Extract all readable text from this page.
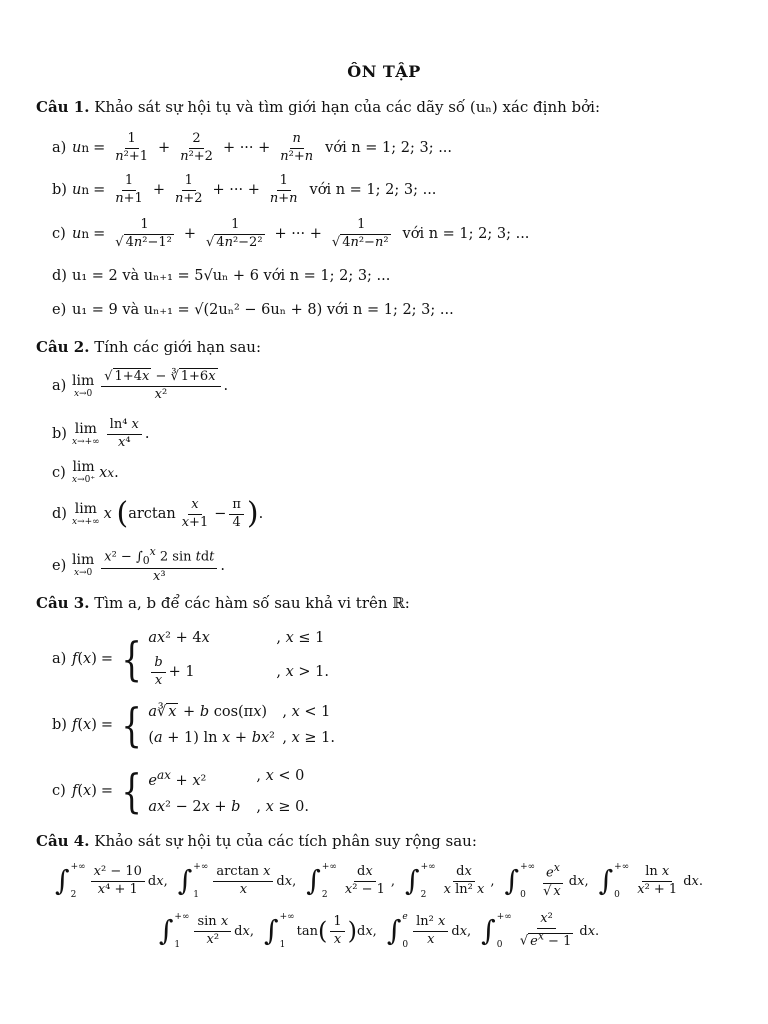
ÔN TẬP
Câu 1. Khảo sát sự hội tụ và tìm giới hạn của các dãy số (uₙ) xác định bởi:
a) u $n = \frac{1}{\text{n²+1}} + \frac{2}{\text{n²+2}}$ + ··· + $\frac{n}{\text{n²+n}}$ với n = 1; 2; 3; ...
b) u $n = \frac{1}{n+1} + \frac{1}{n+2}$ + ··· + $\frac{1}{n+n}$ với n = 1; 2; 3; ...
c) u $n = \frac{1}{\text{√ 4n²−1²}} + \frac{1}{\text{√ 4n²−2²}}$ + ··· + $\frac{1}{\text{√ 4n²−n²}}$ với n = 1; 2; 3; ...
d) u₁ = 2 và uₙ₊₁ = 5√uₙ + 6 với n = 1; 2; 3; ...
e) u₁ = 9 và uₙ₊₁ = √(2uₙ² − 6uₙ + 8) với n = 1; 2; 3; ...
Câu 2. Tính các giới hạn sau:
a) lim
$x\to 0 \frac{√ 1+4x - ∛ 1+6x}{\text{x²}}$ .
b) lim
$x\to+\infty \frac{\text{ln⁴ x}}{\text{x⁴}}$ .
c) lim
x→0⁺ x x .
d) lim
x→+∞ x
( $\arctan \frac{x}{x+1} - \frac{\pi}{4}$ ) .
e) lim
$x\to 0 \frac{x^2 - \int_0^x 2 \sin tdt}{\text{x³}}$ .
Câu 3. Tìm a, b để các hàm số sau khả vi trên ℝ:
a) f ( x ) = { ax² + 4x	, x ≤ 1
$\frac{b}{x} + 1$	, x > 1.
b) f ( x ) = { a∛ x + b cos(πx)	, x < 1
(a + 1) ln x + bx² , x ≥ 1.
c) f ( x ) = { $e^{ax} + x^2$	, x < 0
ax² − 2x + b	, x ≥ 0.
Câu 4. Khảo sát sự hội tụ của các tích phân suy rộng sau:
∫ +∞
2	$\frac{\text{x² − 10}}{\text{x⁴ + 1}}$ d x , ∫ +∞
1	$\frac{\text{arctan x}}{x}$ d x , ∫ +∞
2	$\frac{dx}{\text{x² − 1}}$ , ∫ +∞
2	$\frac{dx}{\text{x ln² x}}$ , ∫ +∞
0	$\frac{e^x}{√ x}$ d x , ∫ +∞
0	$\frac{\text{ln x}}{\text{x² + 1}}$ d x .
∫ +∞
1	$\frac{\text{sin x}}{\text{x²}}$ d x , ∫ +∞
1
tan ( $\frac{1}{x}$ ) d x , ∫ e
$0 \frac{\text{ln² x}}{x}$ d x , ∫ +∞
0	$\frac{\text{x²}}{√ e^x - 1}$ d x .
